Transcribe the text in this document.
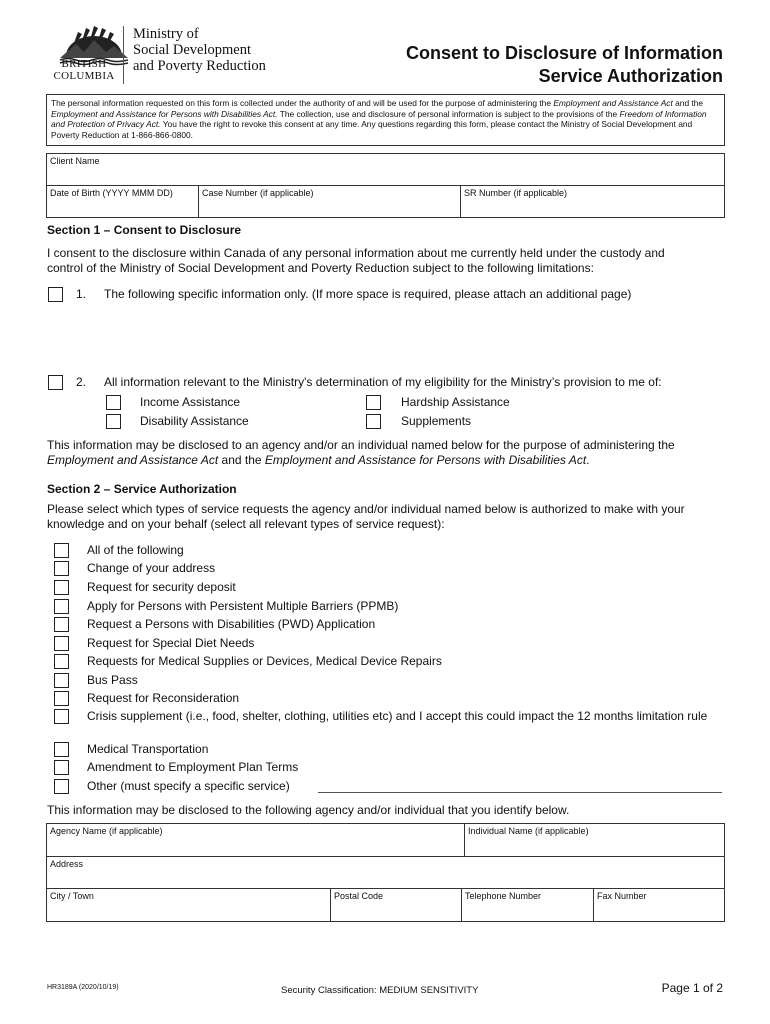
BRITISH
COLUMBIA
Ministry of
Social Development
and Poverty Reduction
Consent to Disclosure of Information
Service Authorization
The personal information requested on this form is collected under the authority of and will be used for the purpose of administering the Employment and Assistance Act and the Employment and Assistance for Persons with Disabilities Act. The collection, use and disclosure of personal information is subject to the provisions of the Freedom of Information and Protection of Privacy Act. You have the right to revoke this consent at any time. Any questions regarding this form, please contact the Ministry of Social Development and Poverty Reduction at 1-866-866-0800.
Client Name
Date of Birth (YYYY MMM DD)	Case Number (if applicable)	SR Number (if applicable)
Section 1 – Consent to Disclosure
I consent to the disclosure within Canada of any personal information about me currently held under the custody and
control of the Ministry of Social Development and Poverty Reduction subject to the following limitations:
1. The following specific information only. (If more space is required, please attach an additional page)
2. All information relevant to the Ministry's determination of my eligibility for the Ministry’s provision to me of:
Income Assistance
Disability Assistance
Hardship Assistance
Supplements
This information may be disclosed to an agency and/or an individual named below for the purpose of administering the
Employment and Assistance Act and the Employment and Assistance for Persons with Disabilities Act.
Section 2 – Service Authorization
Please select which types of service requests the agency and/or individual named below is authorized to make with your
knowledge and on your behalf (select all relevant types of service request):
All of the following
Change of your address
Request for security deposit
Apply for Persons with Persistent Multiple Barriers (PPMB)
Request a Persons with Disabilities (PWD) Application
Request for Special Diet Needs
Requests for Medical Supplies or Devices, Medical Device Repairs
Bus Pass
Request for Reconsideration
Crisis supplement (i.e., food, shelter, clothing, utilities etc) and I accept this could impact the 12 months limitation rule
Medical Transportation
Amendment to Employment Plan Terms
Other (must specify a specific service)
This information may be disclosed to the following agency and/or individual that you identify below.
Agency Name (if applicable)	Individual Name (if applicable)
Address
City / Town	Postal Code	Telephone Number	Fax Number
HR3189A (2020/10/19)	Security Classification: MEDIUM SENSITIVITY	Page 1 of 2
